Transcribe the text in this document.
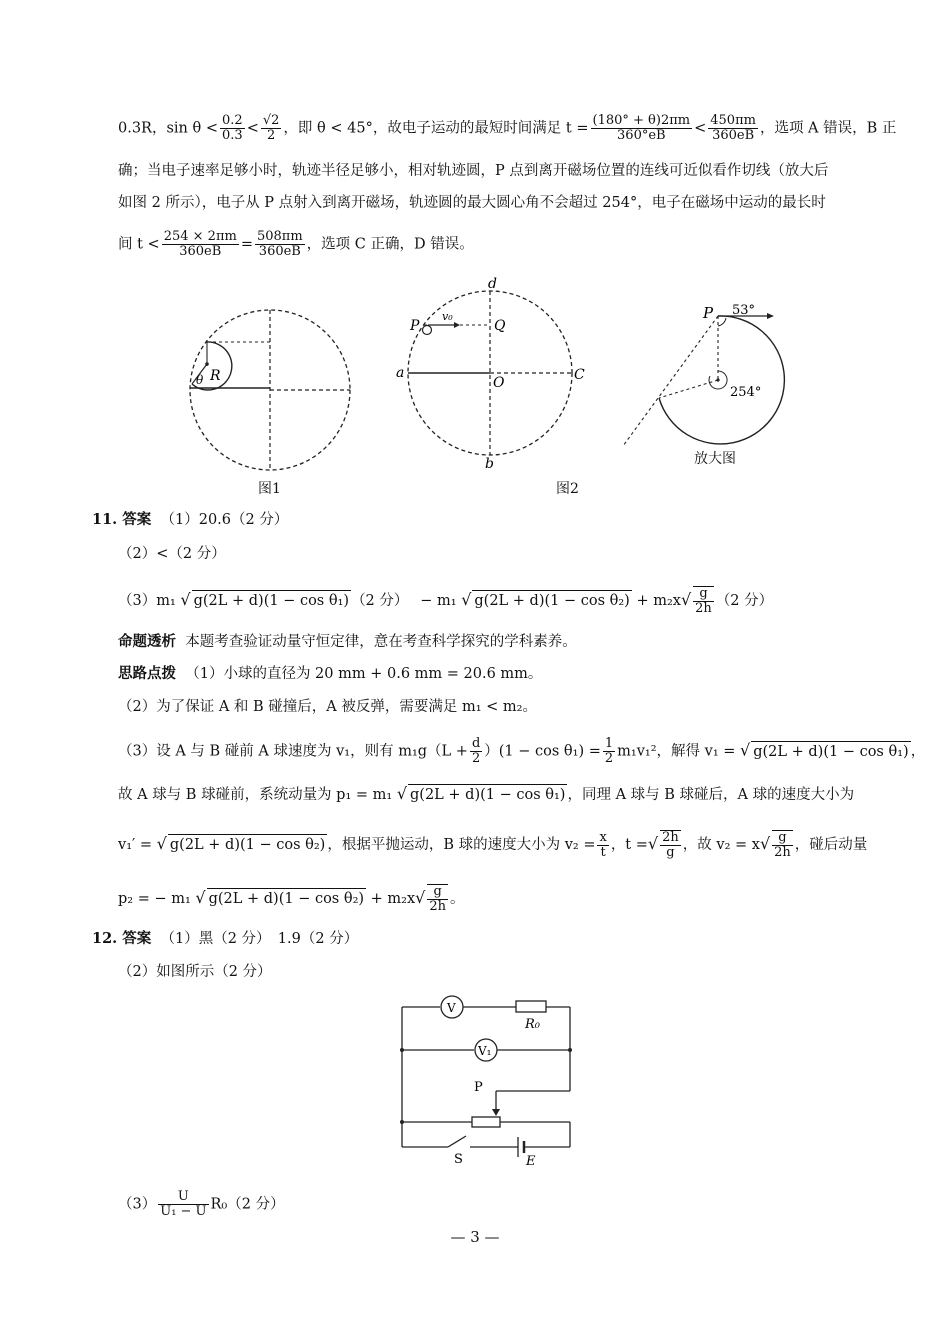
0.3R，$\sin \theta < \frac{0.2}{0.3} < \frac{√2}{2}$ ，即 θ < 45°，故电子运动的最短时间满足 $t = \frac{(180^\circ + \theta)2\pi m}{360^\circ eB} < \frac{450\pi m}{360eB}$ ，选项 A 错误，B 正
确；当电子速率足够小时，轨迹半径足够小，相对轨迹圆，P 点到离开磁场位置的连线可近似看作切线（放大后
如图 2 所示），电子从 P 点射入到离开磁场，轨迹圆的最大圆心角不会超过 254°，电子在磁场中运动的最长时
间 $t < \frac{254 \times 2\pi m}{360eB} = \frac{508\pi m}{360eB}$ ，选项 C 正确，D 错误。
R
θ
图1
d
b
a	C
O
Q
P
v₀
图2
P 53°
254°
放大图
11. 答案 （1）20.6（2 分）
（2）<（2 分）
（3）m₁ √ g(2L + d)(1 − cos θ₁) （2 分）　 − m₁ √ $g(2L + d)(1 - \cos \theta_2) + m_2x√ \frac{g}{2h} (2$ 分）
命题透析 本题考查验证动量守恒定律，意在考查科学探究的学科素养。
思路点拨 （1）小球的直径为 20 mm + 0.6 mm = 20.6 mm。
（2）为了保证 A 和 B 碰撞后，A 被反弹，需要满足 m₁ < m₂。
（3）设 A 与 B 碰前 A 球速度为 v₁，则有 $m_1g(L + \frac{d}{2} )(1 - \cos \theta_1) = \frac{1}{2} m_1v_1^2$，解得 v₁ = √ g(2L + d)(1 − cos θ₁) ，
故 A 球与 B 球碰前，系统动量为 p₁ = m₁ √ g(2L + d)(1 − cos θ₁) ，同理 A 球与 B 球碰后，A 球的速度大小为
v₁′ = √ g(2L + d)(1 − cos θ₂) ，根据平抛运动，B 球的速度大小为 $v_2 = \frac{x}{t}$ ，t =√ $\frac{2h}{g}$ ，故 $v_2 = x√ \frac{g}{2h}$ ，碰后动量
p₂ = − m₁ √ $g(2L + d)(1 - \cos \theta_2) + m_2x√ \frac{g}{2h}$ 。
12. 答案 （1）黑（2 分）　1.9（2 分）
（2）如图所示（2 分）
V
R₀
V₁
P
S	E
$(3) \frac{U}{\text{U₁ − U}} R_0(2$ 分）
— 3 —
